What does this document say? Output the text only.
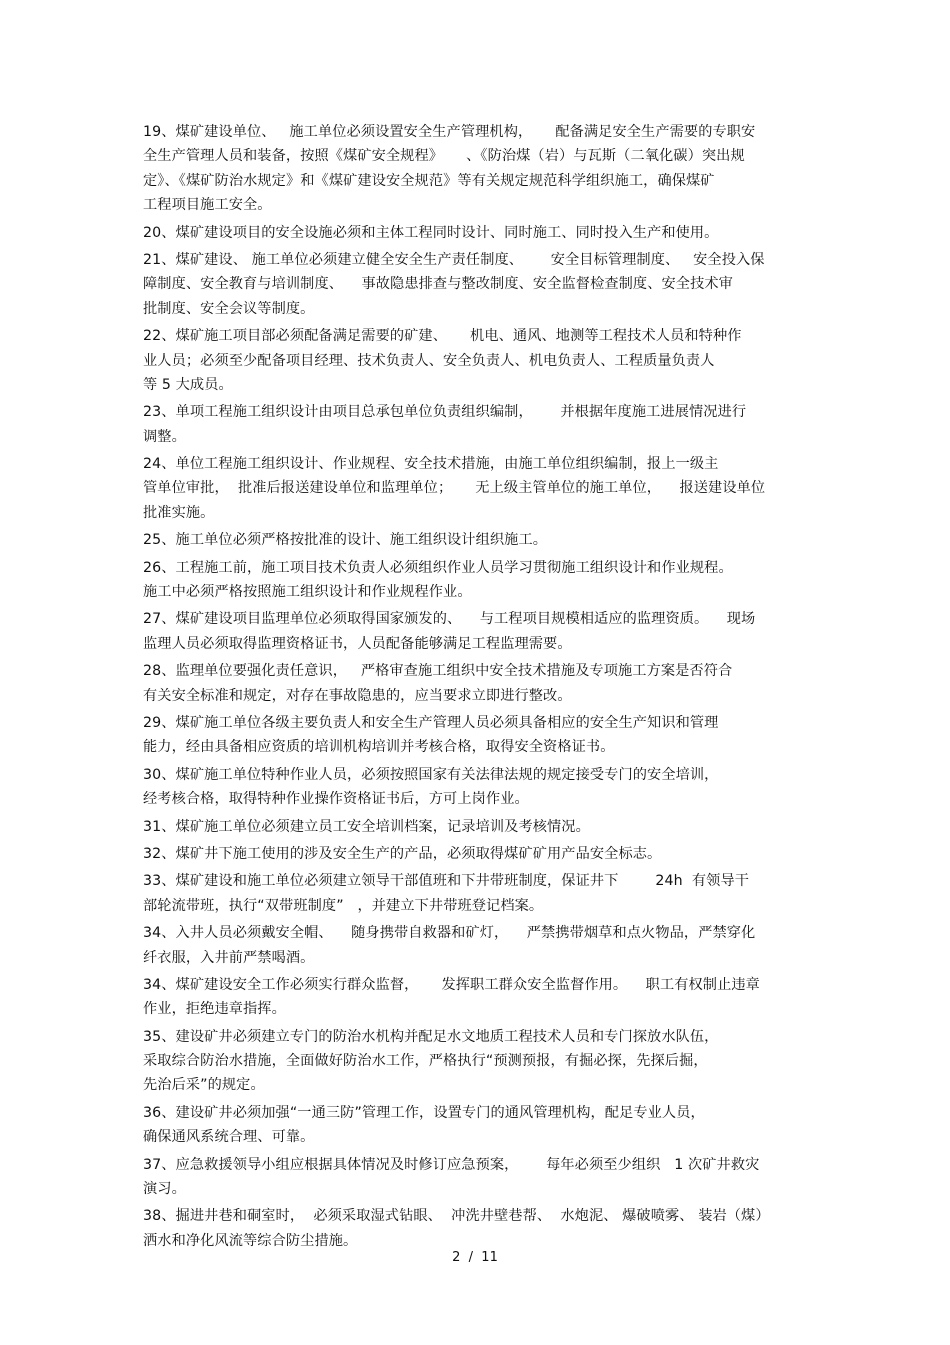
19、煤矿建设单位、   施工单位必须设置安全生产管理机构，     配备满足安全生产需要的专职安
全生产管理人员和装备，按照《煤矿安全规程》     、《防治煤（岩）与瓦斯（二氧化碳）突出规
定》、《煤矿防治水规定》和《煤矿建设安全规范》等有关规定规范科学组织施工，确保煤矿
工程项目施工安全。
20、煤矿建设项目的安全设施必须和主体工程同时设计、同时施工、同时投入生产和使用。
21、煤矿建设、 施工单位必须建立健全安全生产责任制度、      安全目标管理制度、   安全投入保
障制度、安全教育与培训制度、    事故隐患排查与整改制度、安全监督检查制度、安全技术审
批制度、安全会议等制度。
22、煤矿施工项目部必须配备满足需要的矿建、     机电、通风、地测等工程技术人员和特种作
业人员；必须至少配备项目经理、技术负责人、安全负责人、机电负责人、工程质量负责人
等 5 大成员。
23、单项工程施工组织设计由项目总承包单位负责组织编制，      并根据年度施工进展情况进行
调整。
24、单位工程施工组织设计、作业规程、安全技术措施，由施工单位组织编制，报上一级主
管单位审批，  批准后报送建设单位和监理单位；     无上级主管单位的施工单位，    报送建设单位
批准实施。
25、施工单位必须严格按批准的设计、施工组织设计组织施工。
26、工程施工前，施工项目技术负责人必须组织作业人员学习贯彻施工组织设计和作业规程。
施工中必须严格按照施工组织设计和作业规程作业。
27、煤矿建设项目监理单位必须取得国家颁发的、    与工程项目规模相适应的监理资质。    现场
监理人员必须取得监理资格证书，人员配备能够满足工程监理需要。
28、监理单位要强化责任意识，   严格审查施工组织中安全技术措施及专项施工方案是否符合
有关安全标准和规定，对存在事故隐患的，应当要求立即进行整改。
29、煤矿施工单位各级主要负责人和安全生产管理人员必须具备相应的安全生产知识和管理
能力，经由具备相应资质的培训机构培训并考核合格，取得安全资格证书。
30、煤矿施工单位特种作业人员，必须按照国家有关法律法规的规定接受专门的安全培训，
经考核合格，取得特种作业操作资格证书后，方可上岗作业。
31、煤矿施工单位必须建立员工安全培训档案，记录培训及考核情况。
32、煤矿井下施工使用的涉及安全生产的产品，必须取得煤矿矿用产品安全标志。
33、煤矿建设和施工单位必须建立领导干部值班和下井带班制度，保证井下        24h  有领导干
部轮流带班，执行“双带班制度”   ，并建立下井带班登记档案。
34、入井人员必须戴安全帽、    随身携带自救器和矿灯，    严禁携带烟草和点火物品，严禁穿化
纤衣服，入井前严禁喝酒。
34、煤矿建设安全工作必须实行群众监督，     发挥职工群众安全监督作用。    职工有权制止违章
作业，拒绝违章指挥。
35、建设矿井必须建立专门的防治水机构并配足水文地质工程技术人员和专门探放水队伍，
采取综合防治水措施，全面做好防治水工作，严格执行“预测预报，有掘必探，先探后掘，
先治后采”的规定。
36、建设矿井必须加强“一通三防”管理工作，设置专门的通风管理机构，配足专业人员，
确保通风系统合理、可靠。
37、应急救援领导小组应根据具体情况及时修订应急预案，      每年必须至少组织   1 次矿井救灾
演习。
38、掘进井巷和硐室时，  必须采取湿式钻眼、  冲洗井壁巷帮、  水炮泥、 爆破喷雾、 装岩（煤）
洒水和净化风流等综合防尘措施。
2  /  11
